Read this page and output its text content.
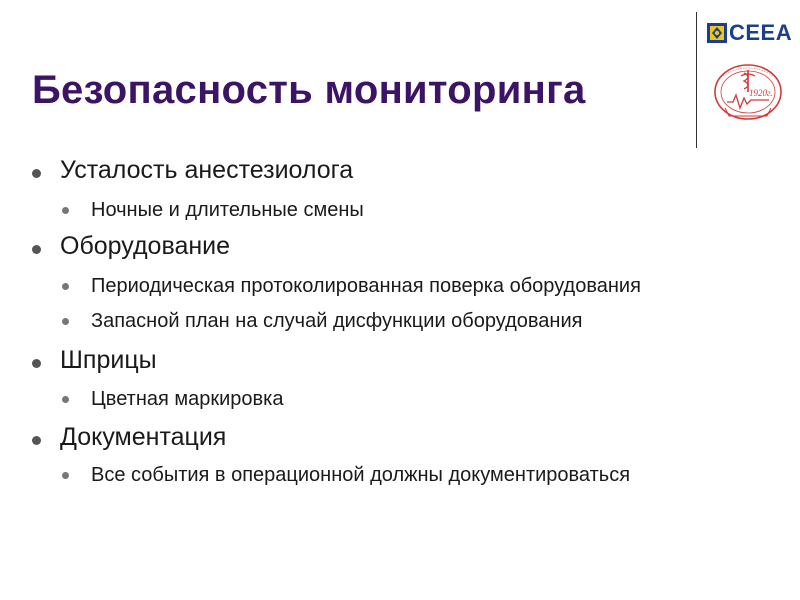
Безопасность мониторинга
CEEA
1920г.
Усталость анестезиолога
Ночные и длительные смены
Оборудование
Периодическая протоколированная поверка оборудования
Запасной план на случай дисфункции оборудования
Шприцы
Цветная маркировка
Документация
Все события в операционной должны документироваться
